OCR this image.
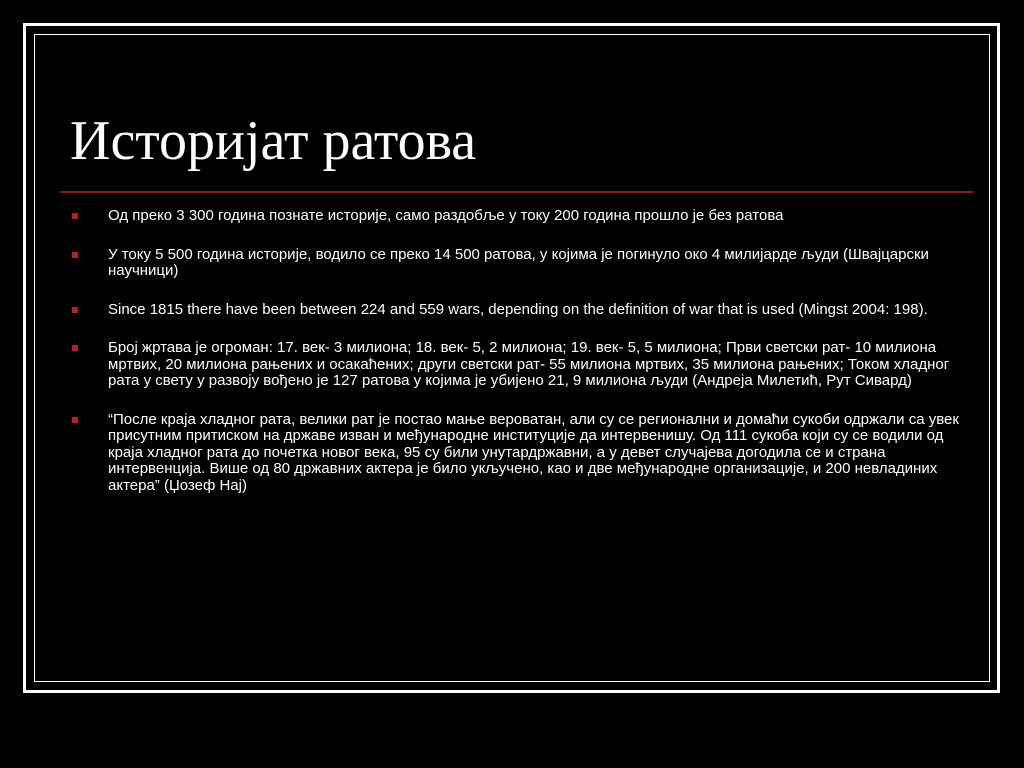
Историјат ратова
Од преко 3 300 година познате историје, само раздобље у току 200 година прошло је без ратова
У току 5 500 година историје, водило се преко 14 500 ратова, у којима је погинуло око 4 милијарде људи (Швајцарски научници)
Since 1815 there have been between 224 and 559 wars, depending on the definition of war that is used (Mingst 2004: 198).
Број жртава је огроман: 17. век- 3 милиона; 18. век- 5, 2 милиона; 19. век- 5, 5 милиона; Први светски рат- 10 милиона мртвих, 20 милиона рањених и осакаћених; други светски рат- 55 милиона мртвих, 35 милиона рањених; Током хладног рата у свету у развоју вођено је 127 ратова у којима је убијено 21, 9 милиона људи (Андреја Милетић, Рут Сивард)
“После краја хладног рата, велики рат је постао мање вероватан, али су се регионални и домаћи сукоби одржали са увек присутним притиском на државе изван и међународне институције да интервенишу. Од 111 сукоба који су се водили од краја хладног рата до почетка новог века, 95 су били унутардржавни, а у девет случајева догодила се и страна интервенција. Више од 80 државних актера је било укључено, као и две међународне организације, и 200 невладиних актера” (Џозеф Нај)
